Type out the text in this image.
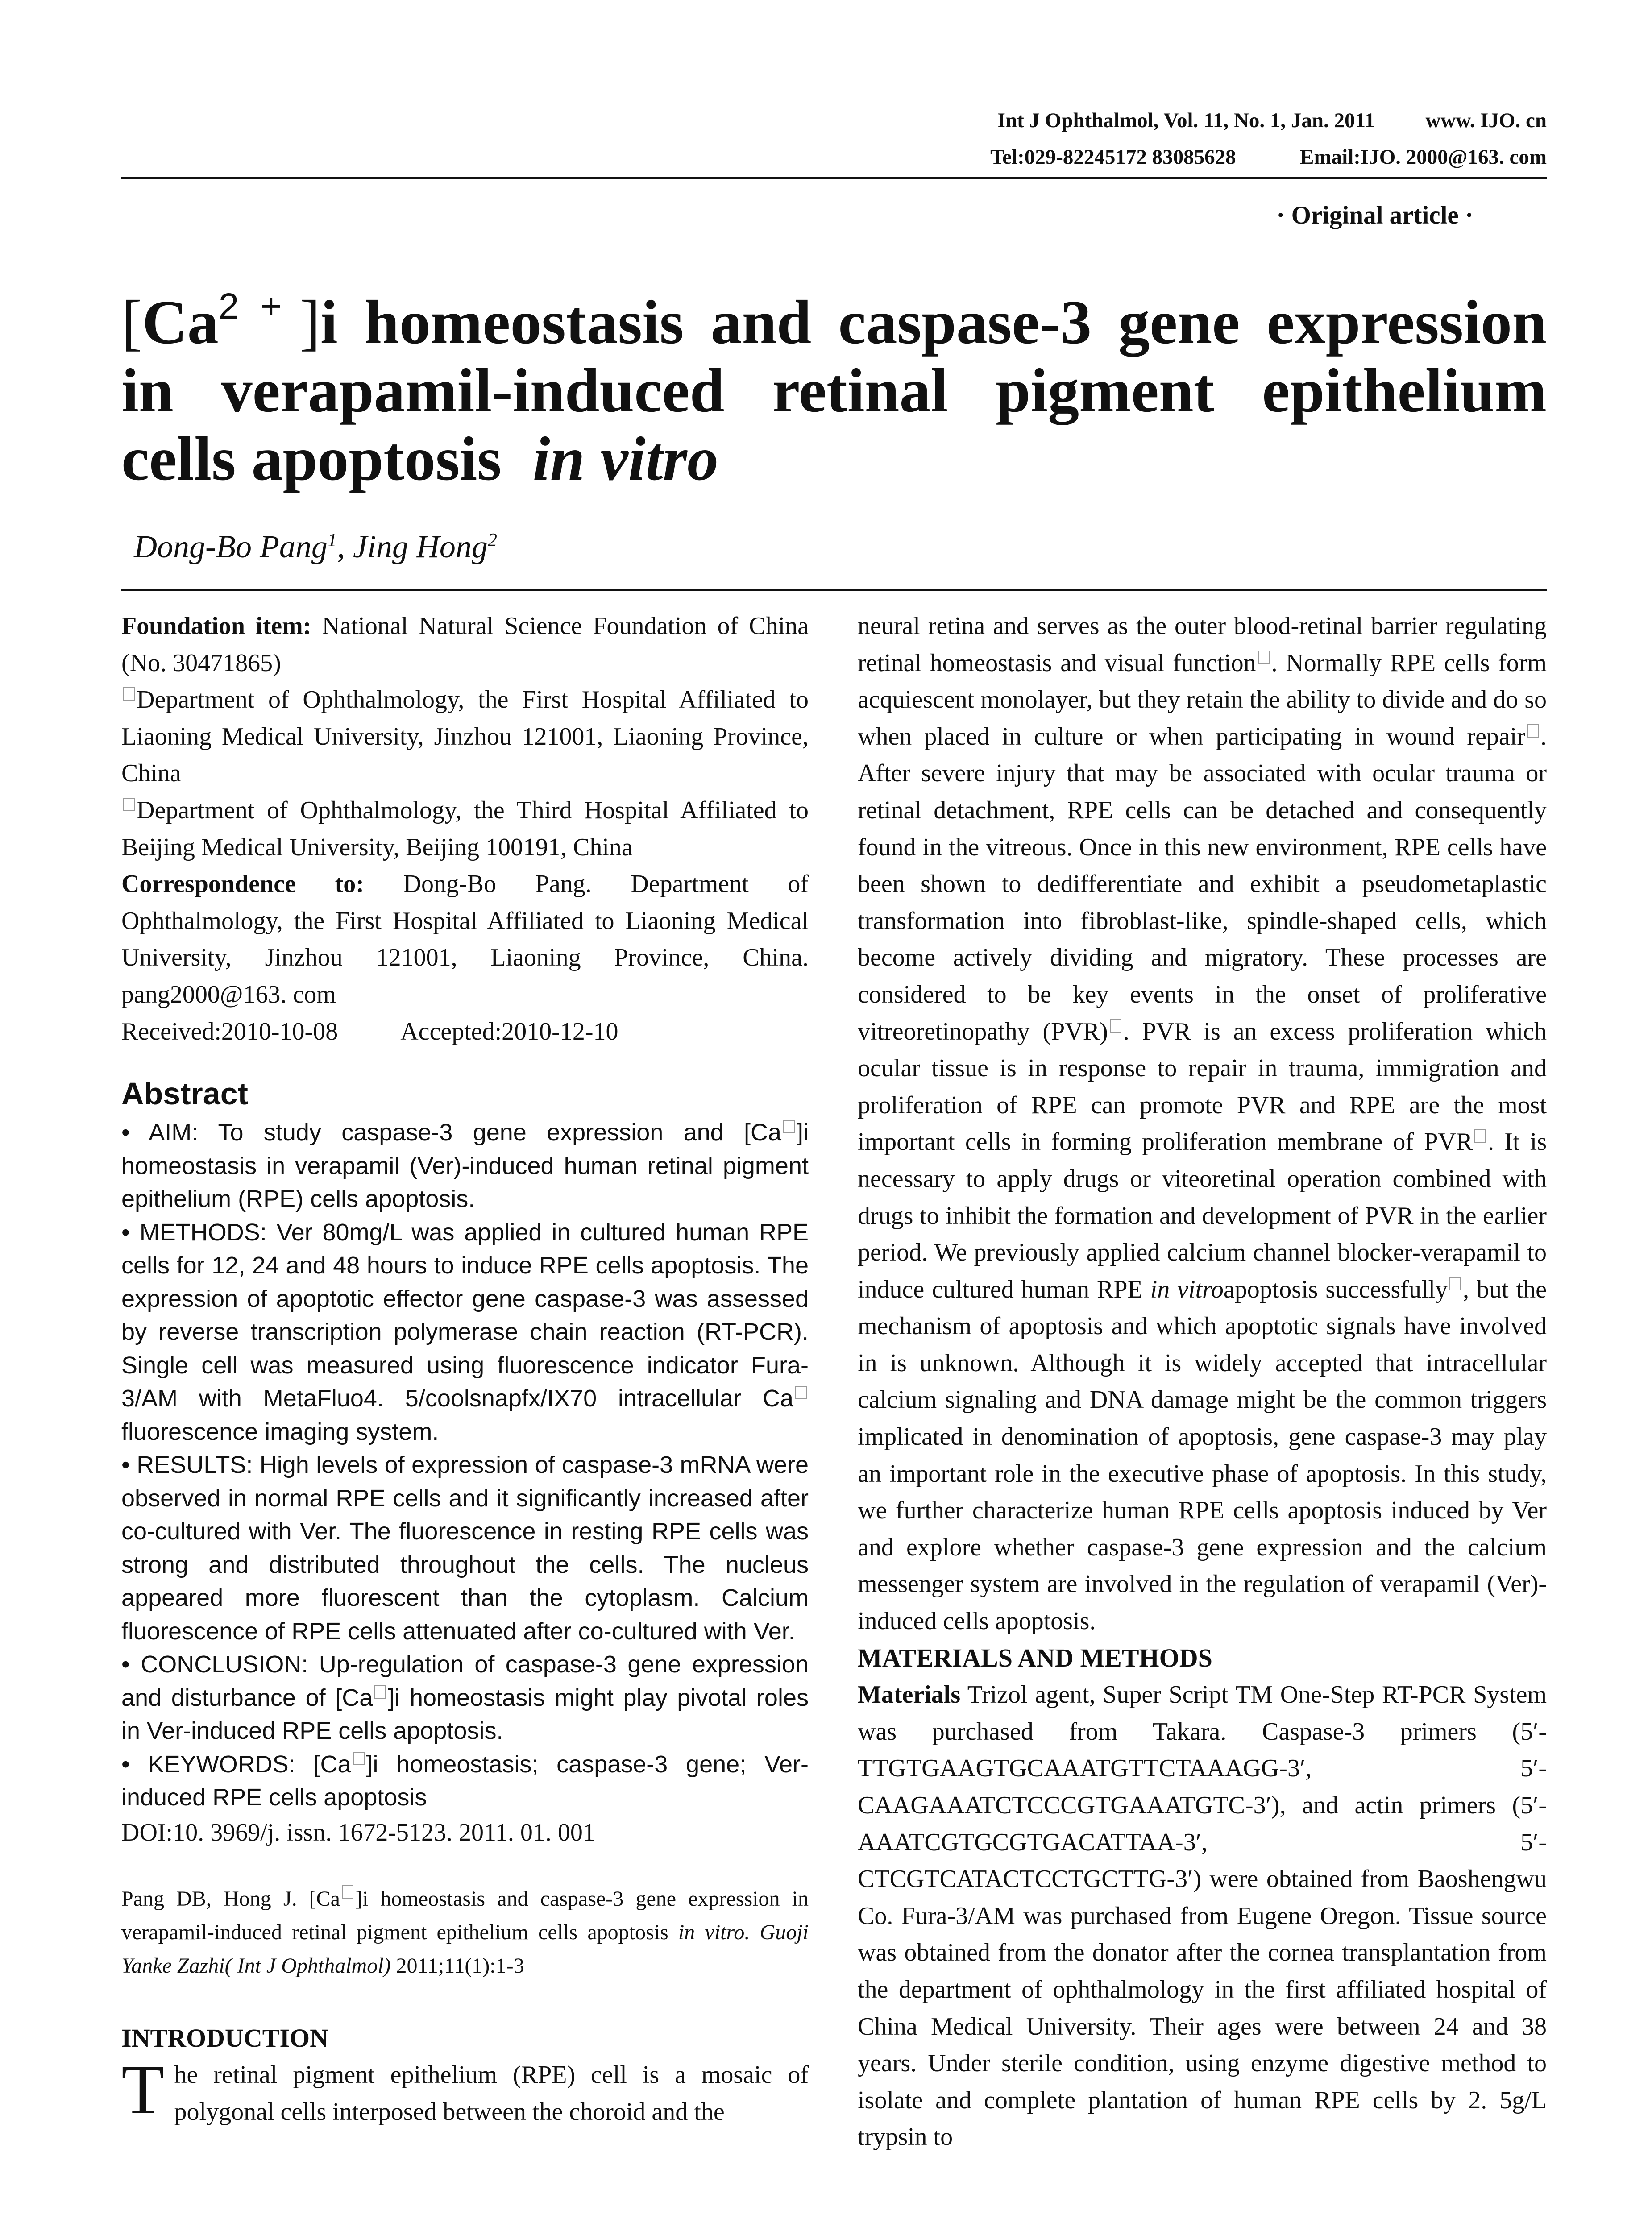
Int J Ophthalmol, Vol. 11, No. 1, Jan. 2011 www. IJO. cn
Tel:029-82245172 83085628	Email:IJO. 2000@163. com
· Original article ·
[$Ca^{2 +}$ ]i homeostasis and caspase-3 gene expression in verapamil-induced retinal pigment epithelium cells apoptosis in vitro
Dong-Bo Pang$^1$, Jing Hong$^2$

Foundation item: National Natural Science Foundation of China (No. 30471865)

Department of Ophthalmology, the First Hospital Affiliated to Liaoning Medical University, Jinzhou 121001, Liaoning Province, China

Department of Ophthalmology, the Third Hospital Affiliated to Beijing Medical University, Beijing 100191, China

Correspondence to: Dong-Bo Pang. Department of Ophthalmology, the First Hospital Affiliated to Liaoning Medical University, Jinzhou 121001, Liaoning Province, China. pang2000@163. com

Received:2010-10-08	Accepted:2010-12-10

Abstract

• AIM: To study caspase-3 gene expression and [Ca ]i homeostasis in verapamil (Ver)-induced human retinal pigment epithelium (RPE) cells apoptosis.

• METHODS: Ver 80mg/L was applied in cultured human RPE cells for 12, 24 and 48 hours to induce RPE cells apoptosis. The expression of apoptotic effector gene caspase-3 was assessed by reverse transcription polymerase chain reaction (RT-PCR). Single cell was measured using fluorescence indicator Fura-3/AM with MetaFluo4. 5/coolsnapfx/IX70 intracellular Ca fluorescence imaging system.

• RESULTS: High levels of expression of caspase-3 mRNA were observed in normal RPE cells and it significantly increased after co-cultured with Ver. The fluorescence in resting RPE cells was strong and distributed throughout the cells. The nucleus appeared more fluorescent than the cytoplasm. Calcium fluorescence of RPE cells attenuated after co-cultured with Ver.

• CONCLUSION: Up-regulation of caspase-3 gene expression and disturbance of [Ca ]i homeostasis might play pivotal roles in Ver-induced RPE cells apoptosis.

• KEYWORDS: [Ca ]i homeostasis; caspase-3 gene; Ver-induced RPE cells apoptosis

DOI:10. 3969/j. issn. 1672-5123. 2011. 01. 001

Pang DB, Hong J. [Ca ]i homeostasis and caspase-3 gene expression in verapamil-induced retinal pigment epithelium cells apoptosis in vitro. Guoji Yanke Zazhi( Int J Ophthalmol) 2011;11(1):1-3

INTRODUCTION

The retinal pigment epithelium (RPE) cell is a mosaic of polygonal cells interposed between the choroid and the

neural retina and serves as the outer blood-retinal barrier regulating retinal homeostasis and visual function . Normally RPE cells form acquiescent monolayer, but they retain the ability to divide and do so when placed in culture or when participating in wound repair . After severe injury that may be associated with ocular trauma or retinal detachment, RPE cells can be detached and consequently found in the vitreous. Once in this new environment, RPE cells have been shown to dedifferentiate and exhibit a pseudometaplastic transformation into fibroblast-like, spindle-shaped cells, which become actively dividing and migratory. These processes are considered to be key events in the onset of proliferative vitreoretinopathy (PVR) . PVR is an excess proliferation which ocular tissue is in response to repair in trauma, immigration and proliferation of RPE can promote PVR and RPE are the most important cells in forming proliferation membrane of PVR . It is necessary to apply drugs or viteoretinal operation combined with drugs to inhibit the formation and development of PVR in the earlier period. We previously applied calcium channel blocker-verapamil to induce cultured human RPE in vitroapoptosis successfully , but the mechanism of apoptosis and which apoptotic signals have involved in is unknown. Although it is widely accepted that intracellular calcium signaling and DNA damage might be the common triggers implicated in denomination of apoptosis, gene caspase-3 may play an important role in the executive phase of apoptosis. In this study, we further characterize human RPE cells apoptosis induced by Ver and explore whether caspase-3 gene expression and the calcium messenger system are involved in the regulation of verapamil (Ver)-induced cells apoptosis.

MATERIALS AND METHODS

Materials Trizol agent, Super Script TM One-Step RT-PCR System was purchased from Takara. Caspase-3 primers (5′-TTGTGAAGTGCAAATGTTCTAAAGG-3′, 5′-CAAGAAATCTCCCGTGAAATGTC-3′), and actin primers (5′-AAATCGTGCGTGACATTAA-3′, 5′-CTCGTCATACTCCTGCTTG-3′) were obtained from Baoshengwu Co. Fura-3/AM was purchased from Eugene Oregon. Tissue source was obtained from the donator after the cornea transplantation from the department of ophthalmology in the first affiliated hospital of China Medical University. Their ages were between 24 and 38 years. Under sterile condition, using enzyme digestive method to isolate and complete plantation of human RPE cells by 2. 5g/L trypsin to
